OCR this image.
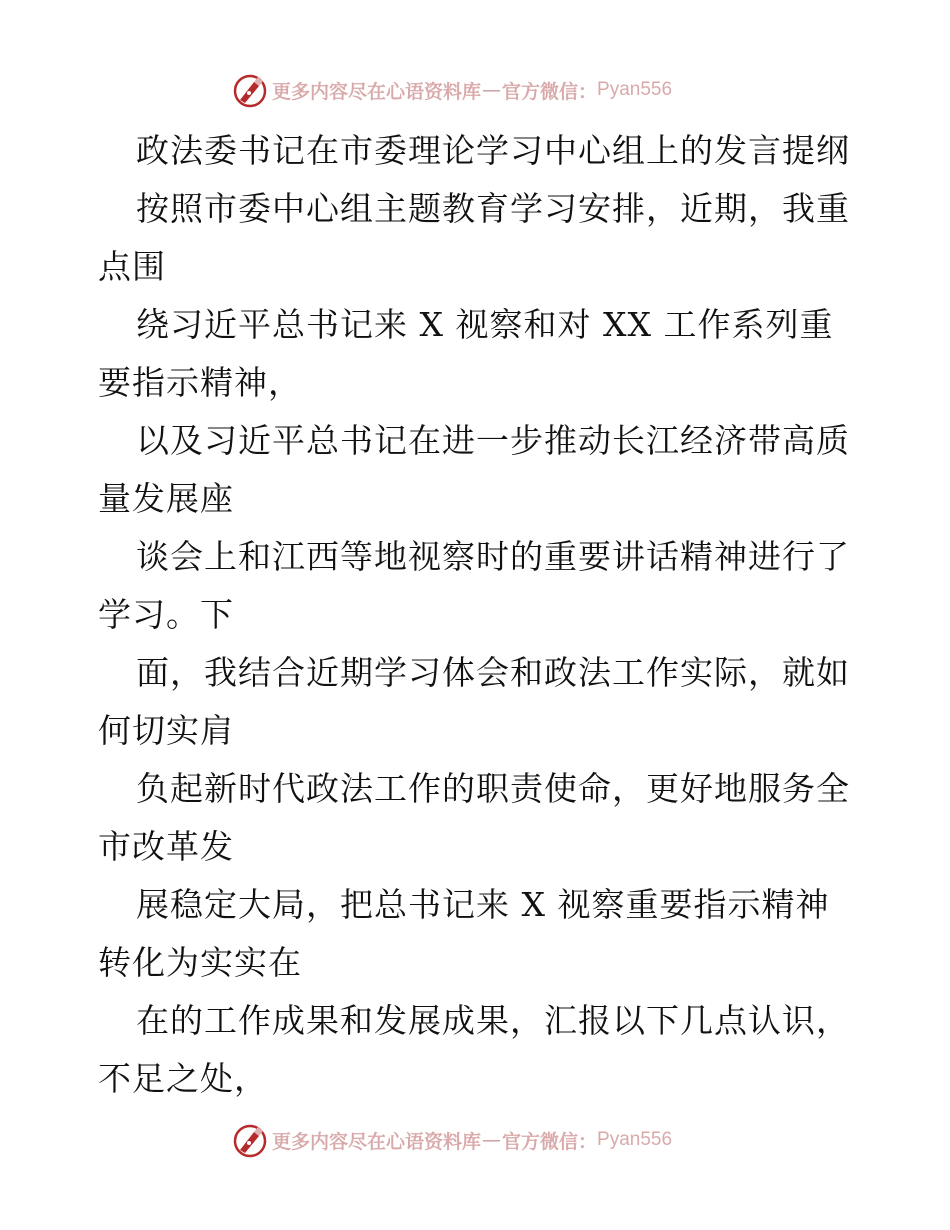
更多内容尽在心语资料库 — 官方微信： Pyan556
政法委书记在市委理论学习中心组上的发言提纲
按照市委中心组主题教育学习安排，近期，我重
点围
绕习近平总书记来 X 视察和对 XX 工作系列重
要指示精神，
以及习近平总书记在进一步推动长江经济带高质
量发展座
谈会上和江西等地视察时的重要讲话精神进行了
学习。下
面，我结合近期学习体会和政法工作实际，就如
何切实肩
负起新时代政法工作的职责使命，更好地服务全
市改革发
展稳定大局，把总书记来 X 视察重要指示精神
转化为实实在
在的工作成果和发展成果，汇报以下几点认识，
不足之处，
更多内容尽在心语资料库 — 官方微信： Pyan556
